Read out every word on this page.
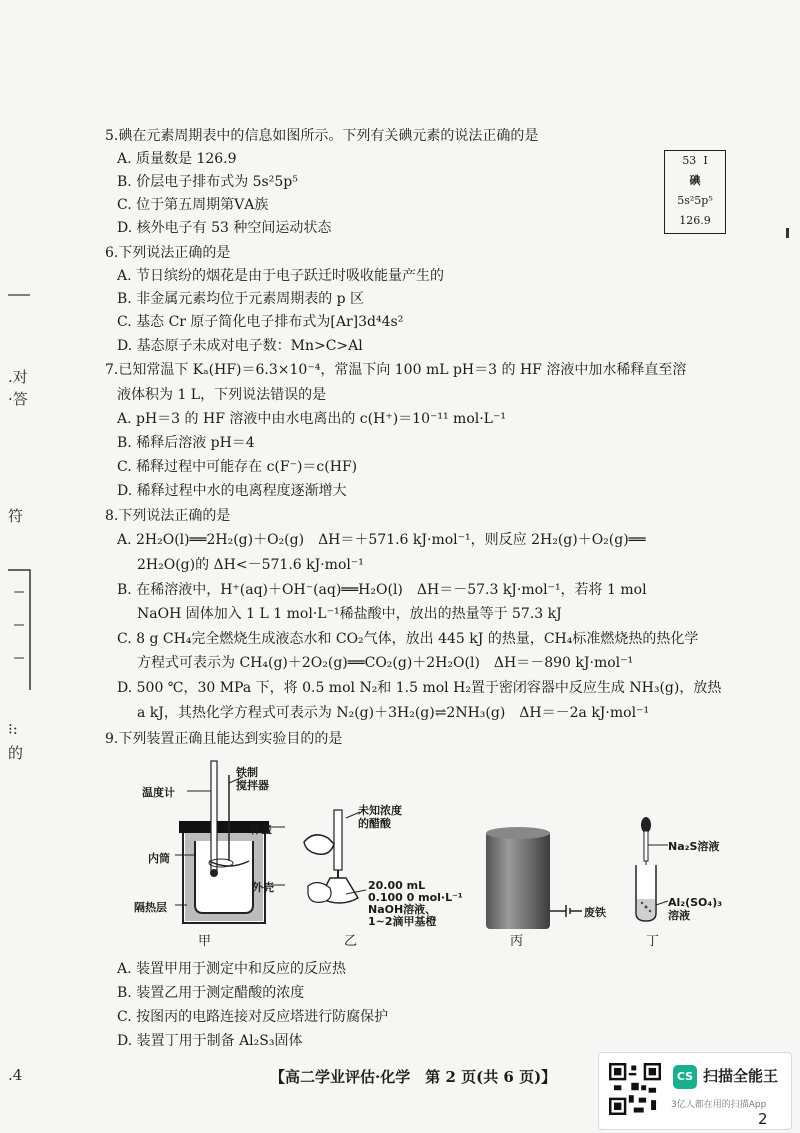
.对
·答
符
⁝:
的
.4
5.碘在元素周期表中的信息如图所示。下列有关碘元素的说法正确的是
A. 质量数是 126.9
B. 价层电子排布式为 5s²5p⁵
C. 位于第五周期第ⅤA族
D. 核外电子有 53 种空间运动状态
53 I
碘
5s²5p⁵
126.9
6.下列说法正确的是
A. 节日缤纷的烟花是由于电子跃迁时吸收能量产生的
B. 非金属元素均位于元素周期表的 p 区
C. 基态 Cr 原子简化电子排布式为[Ar]3d⁴4s²
D. 基态原子未成对电子数：Mn>C>Al
7.已知常温下 Kₐ(HF)＝6.3×10⁻⁴，常温下向 100 mL pH＝3 的 HF 溶液中加水稀释直至溶
液体积为 1 L，下列说法错误的是
A. pH＝3 的 HF 溶液中由水电离出的 c(H⁺)＝10⁻¹¹ mol·L⁻¹
B. 稀释后溶液 pH＝4
C. 稀释过程中可能存在 c(F⁻)＝c(HF)
D. 稀释过程中水的电离程度逐渐增大
8.下列说法正确的是
A. 2H₂O(l)══2H₂(g)＋O₂(g)　ΔH＝＋571.6 kJ·mol⁻¹，则反应 2H₂(g)＋O₂(g)══
2H₂O(g)的 ΔH<－571.6 kJ·mol⁻¹
B. 在稀溶液中，H⁺(aq)＋OH⁻(aq)══H₂O(l)　ΔH＝－57.3 kJ·mol⁻¹，若将 1 mol
NaOH 固体加入 1 L 1 mol·L⁻¹稀盐酸中，放出的热量等于 57.3 kJ
C. 8 g CH₄完全燃烧生成液态水和 CO₂气体，放出 445 kJ 的热量，CH₄标准燃烧热的热化学
方程式可表示为 CH₄(g)＋2O₂(g)══CO₂(g)＋2H₂O(l)　ΔH＝－890 kJ·mol⁻¹
D. 500 ℃，30 MPa 下，将 0.5 mol N₂和 1.5 mol H₂置于密闭容器中反应生成 NH₃(g)，放热
a kJ，其热化学方程式可表示为 N₂(g)＋3H₂(g)⇌2NH₃(g)　ΔH＝－2a kJ·mol⁻¹
9.下列装置正确且能达到实验目的的是
温度计
铁制
搅拌器
杯盖
内筒
外壳
隔热层
甲
未知浓度
的醋酸
20.00 mL
0.100 0 mol·L⁻¹
NaOH溶液、
1~2滴甲基橙
乙
废铁
丙
Na₂S溶液
Al₂(SO₄)₃
溶液
丁
A. 装置甲用于测定中和反应的反应热
B. 装置乙用于测定醋酸的浓度
C. 按图丙的电路连接对反应塔进行防腐保护
D. 装置丁用于制备 Al₂S₃固体
【高二学业评估·化学　第 2 页(共 6 页)】	CS 扫描全能王
3亿人都在用的扫描App
2
